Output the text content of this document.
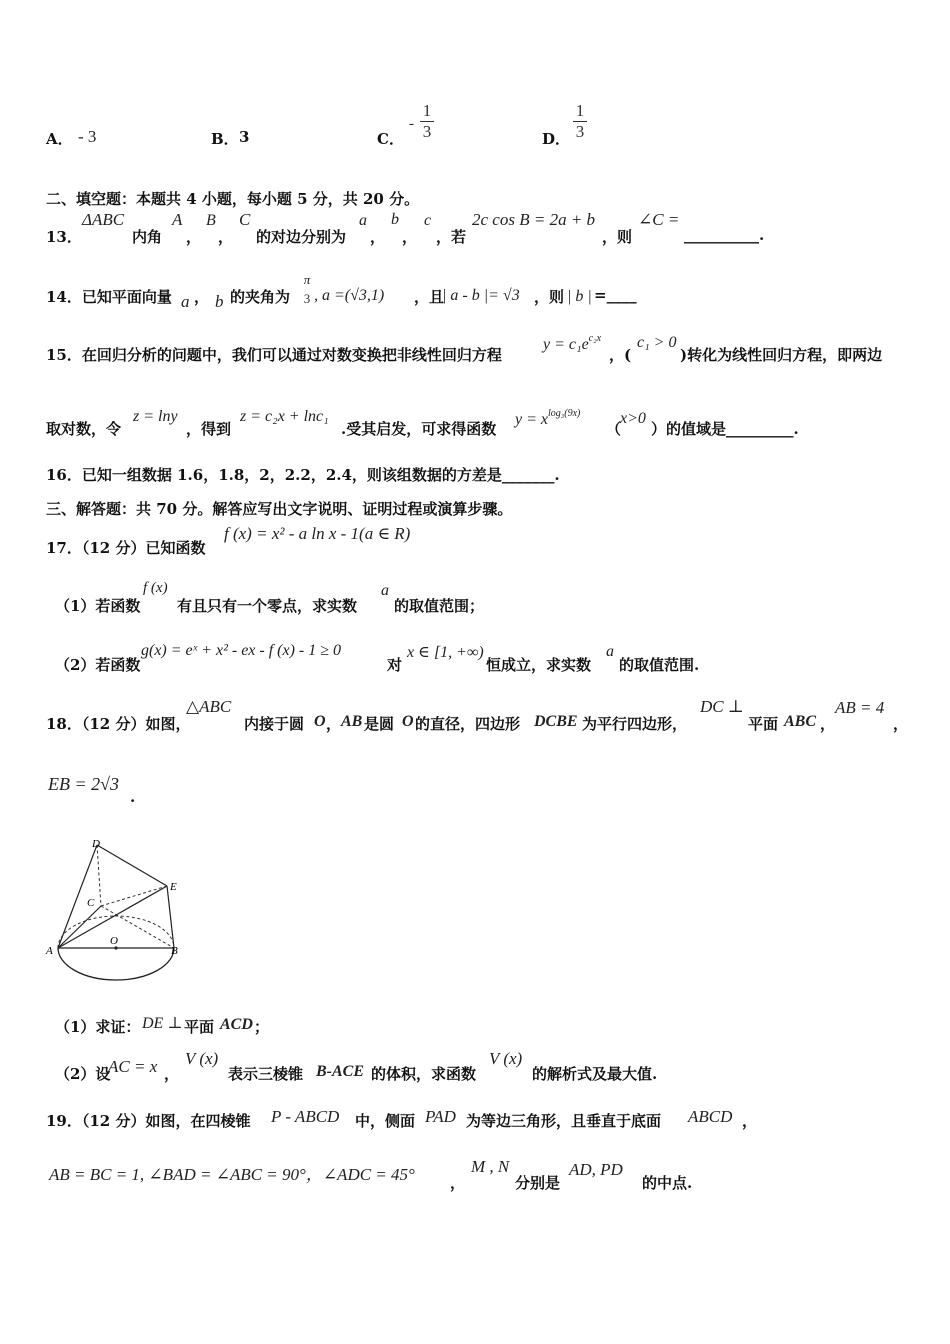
A． - 3	B． 3	C．
-
1
3	D．
1
3
二、填空题：本题共 4 小题，每小题 5 分，共 20 分。
13．
ΔABC
内角
A
，
B
，
C
的对边分别为
a
，
b
，
c
，若
2c cos B = 2a + b
，则
∠C =
__________.
14．已知平面向量 a ， b 的夹角为
π
3 , a =(√3,1) ，且
| a - b |= √3 ，则 | b | =____
15．在回归分析的问题中，我们可以通过对数变换把非线性回归方程
$y = c_1e^{c_2x}$
，(
c₁ > 0
)转化为线性回归方程，即两边
取对数，令
z = lny
，得到
z = c₂x + lnc₁
.受其启发，可求得函数
$y = x^{log_3(9x)}$
（
x>0
）的值域是_________.
16．已知一组数据 1.6，1.8，2，2.2，2.4，则该组数据的方差是_______.
三、解答题：共 70 分。解答应写出文字说明、证明过程或演算步骤。
17．（12 分）已知函数
f (x) = x² - a ln x - 1(a ∈ R)
（1）若函数
f (x)
有且只有一个零点，求实数
a
的取值范围；
（2）若函数
g(x) = eˣ + x² - ex - f (x) - 1 ≥ 0
对
x ∈ [1, +∞)
恒成立，求实数
a
的取值范围.
18．（12 分）如图，
△ABC
内接于圆 O ， AB 是圆 O 的直径，四边形 DCBE 为平行四边形，
DC ⊥
平面 ABC ，
AB = 4
，
EB = 2√3
.
D
E
C
O
A	B
（1）求证： DE ⊥ 平面 ACD ；
（2）设
AC = x ，
V (x)
表示三棱锥 B-ACE 的体积，求函数
V (x)
的解析式及最大值.
19．（12 分）如图，在四棱锥 P - ABCD 中，侧面 PAD 为等边三角形，且垂直于底面 ABCD ，
AB = BC = 1, ∠BAD = ∠ABC = 90°，∠ADC = 45° ，
M , N
分别是
AD, PD
的中点.
